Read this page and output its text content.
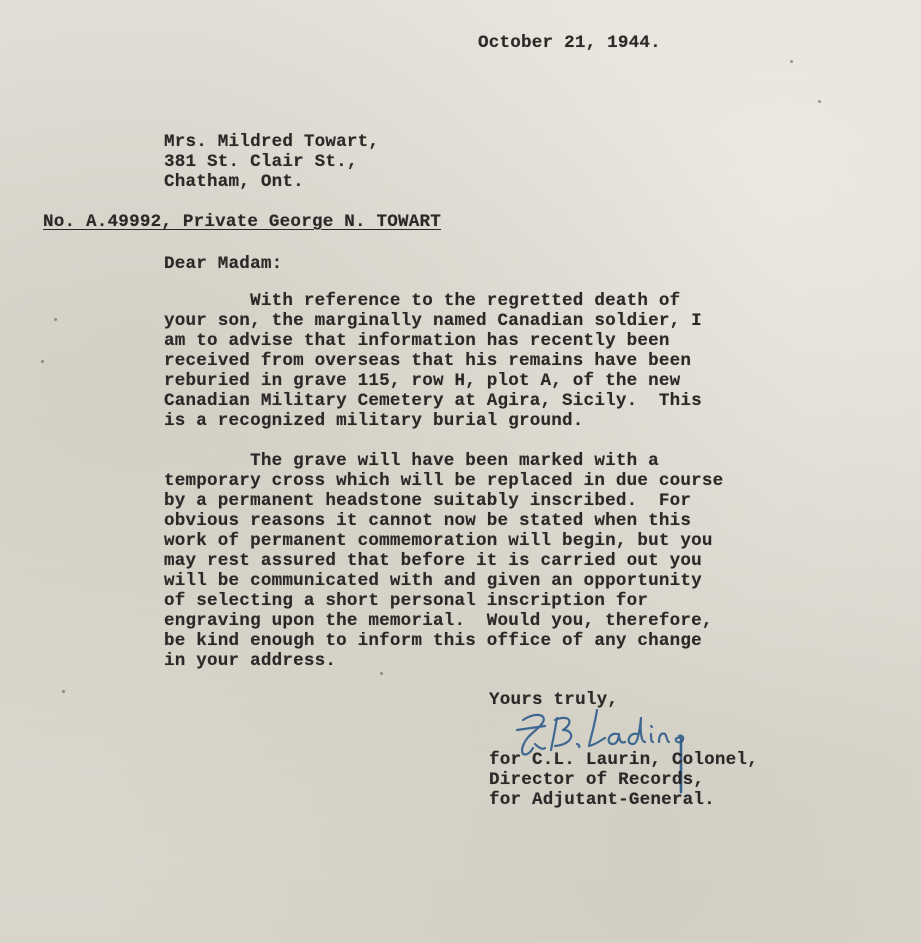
October 21, 1944.
Mrs. Mildred Towart,
381 St. Clair St.,
Chatham, Ont.
No. A.49992, Private George N. TOWART
Dear Madam:
With reference to the regretted death of
your son, the marginally named Canadian soldier, I
am to advise that information has recently been
received from overseas that his remains have been
reburied in grave 115, row H, plot A, of the new
Canadian Military Cemetery at Agira, Sicily.  This
is a recognized military burial ground.
The grave will have been marked with a
temporary cross which will be replaced in due course
by a permanent headstone suitably inscribed.  For
obvious reasons it cannot now be stated when this
work of permanent commemoration will begin, but you
may rest assured that before it is carried out you
will be communicated with and given an opportunity
of selecting a short personal inscription for
engraving upon the memorial.  Would you, therefore,
be kind enough to inform this office of any change
in your address.
Yours truly,
for C.L. Laurin, Colonel,
Director of Records,
for Adjutant-General.
